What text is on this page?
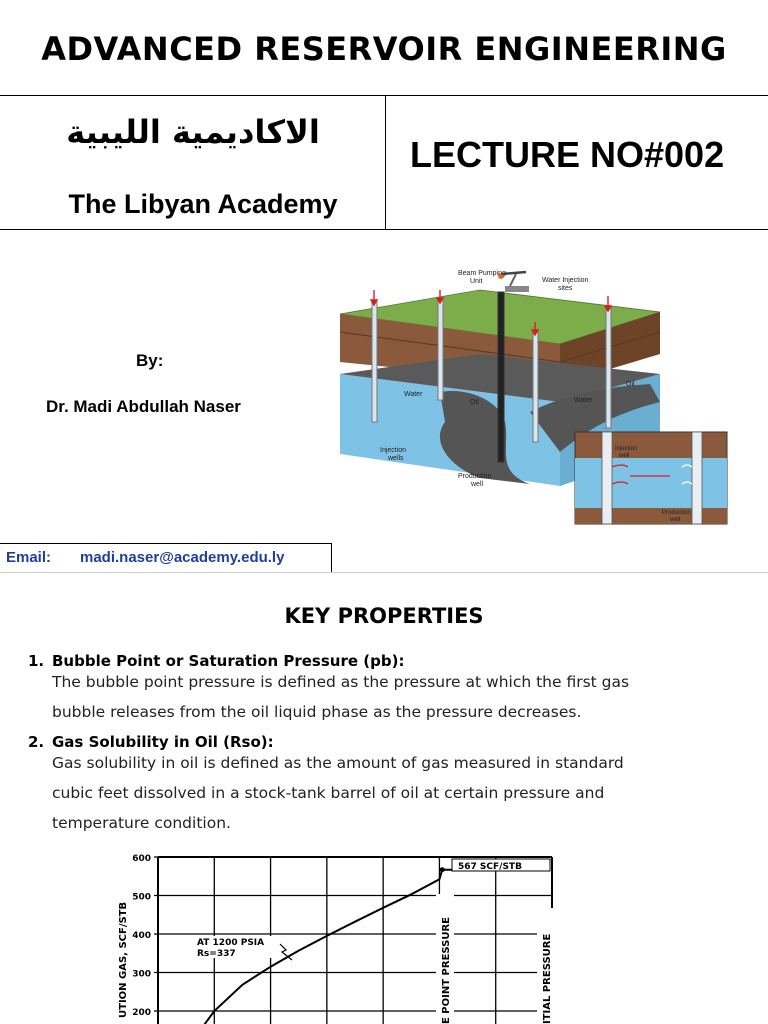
ADVANCED RESERVOIR ENGINEERING
الاكاديمية الليبية
The Libyan Academy
LECTURE NO#002
By:
Dr. Madi Abdullah Naser
Beam Pumping
Unit	Water Injection
sites
Water
Oil	Water
Oil
Injection
wells
Production
well
Injection
well
Production
well
Email: madi.naser@academy.edu.ly
KEY PROPERTIES
1. Bubble Point or Saturation Pressure (pb):
The bubble point pressure is defined as the pressure at which the first gas
bubble releases from the oil liquid phase as the pressure decreases.
2. Gas Solubility in Oil (Rso):
Gas solubility in oil is defined as the amount of gas measured in standard
cubic feet dissolved in a stock-tank barrel of oil at certain pressure and
temperature condition.
200
300
400
500
600
UTION GAS, SCF/STB
567 SCF/STB
AT 1200 PSIA
Rs=337	E POINT PRESSURE	ITIAL PRESSURE
